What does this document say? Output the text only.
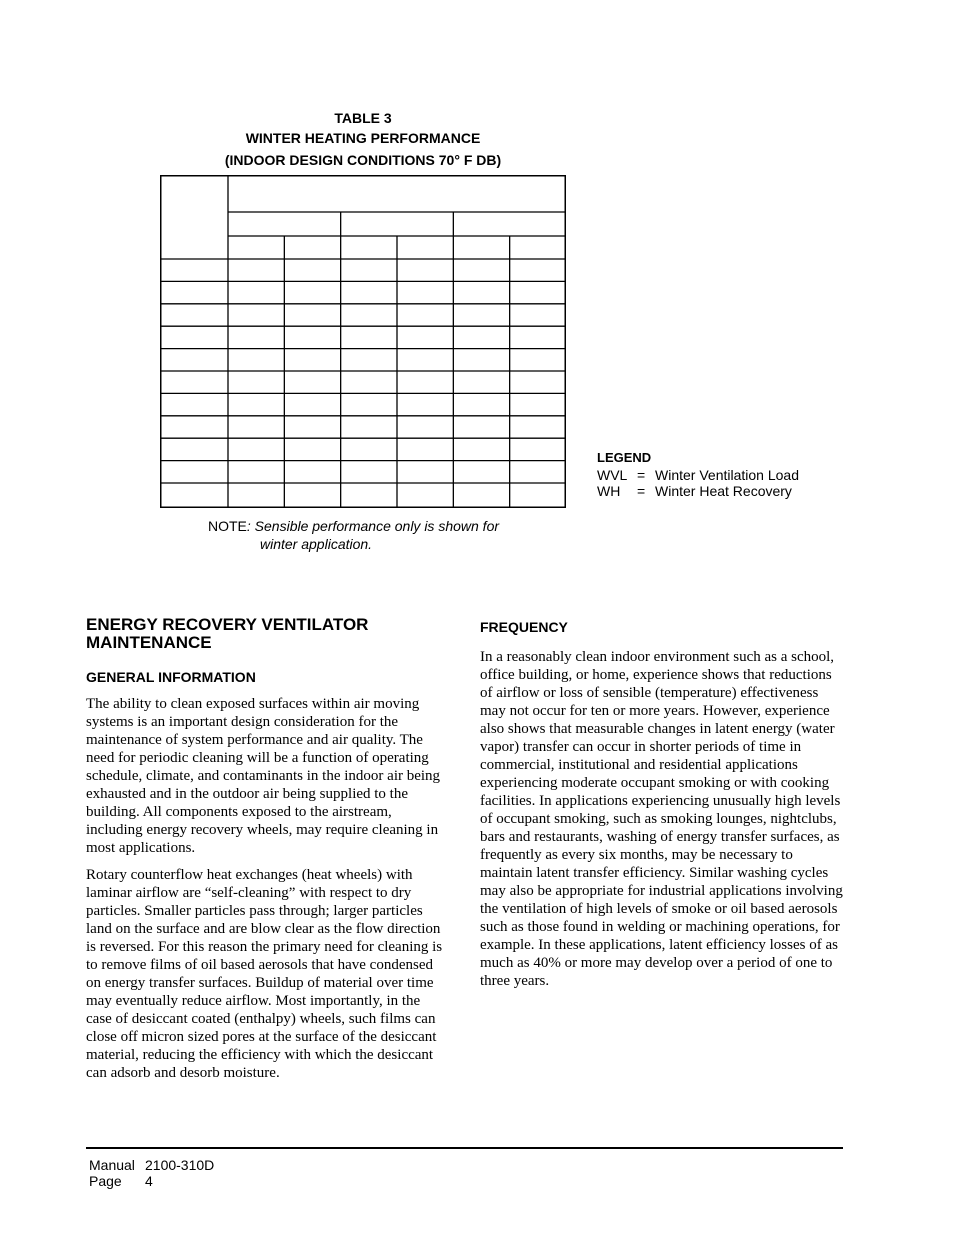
TABLE 3
WINTER HEATING PERFORMANCE
(INDOOR DESIGN CONDITIONS 70° F DB)
LEGEND
WVL = Winter Ventilation Load
WH = Winter Heat Recovery
NOTE: Sensible performance only is shown for
winter application.
ENERGY RECOVERY VENTILATOR MAINTENANCE
GENERAL INFORMATION

The ability to clean exposed surfaces within air moving systems is an important design consideration for the maintenance of system performance and air quality. The need for periodic cleaning will be a function of operating schedule, climate, and contaminants in the indoor air being exhausted and in the outdoor air being supplied to the building. All components exposed to the airstream, including energy recovery wheels, may require cleaning in most applications.

Rotary counterflow heat exchanges (heat wheels) with laminar airflow are “self-cleaning” with respect to dry particles. Smaller particles pass through; larger particles land on the surface and are blow clear as the flow direction is reversed. For this reason the primary need for cleaning is to remove films of oil based aerosols that have condensed on energy transfer surfaces. Buildup of material over time may eventually reduce airflow. Most importantly, in the case of desiccant coated (enthalpy) wheels, such films can close off micron sized pores at the surface of the desiccant material, reducing the efficiency with which the desiccant can adsorb and desorb moisture.

FREQUENCY

In a reasonably clean indoor environment such as a school, office building, or home, experience shows that reductions of airflow or loss of sensible (temperature) effectiveness may not occur for ten or more years. However, experience also shows that measurable changes in latent energy (water vapor) transfer can occur in shorter periods of time in commercial, institutional and residential applications experiencing moderate occupant smoking or with cooking facilities. In applications experiencing unusually high levels of occupant smoking, such as smoking lounges, nightclubs, bars and restaurants, washing of energy transfer surfaces, as frequently as every six months, may be necessary to maintain latent transfer efficiency. Similar washing cycles may also be appropriate for industrial applications involving the ventilation of high levels of smoke or oil based aerosols such as those found in welding or machining operations, for example. In these applications, latent efficiency losses of as much as 40% or more may develop over a period of one to three years.

Manual 2100-310D
Page 4
